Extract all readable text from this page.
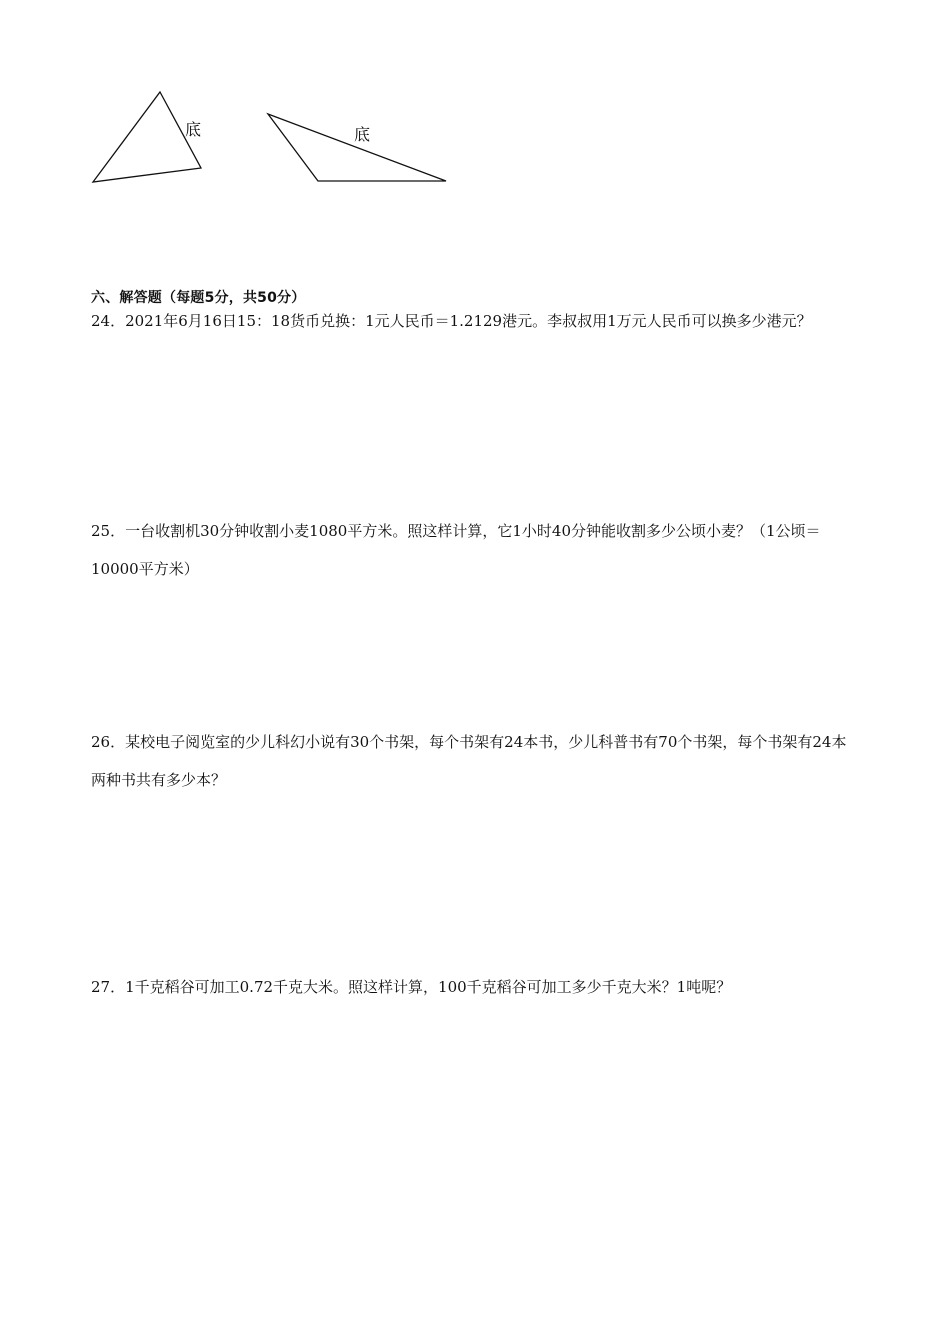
底	底
六、解答题（每题5分，共50分）

24．2021年6月16日15：18货币兑换：1元人民币＝1.2129港元。李叔叔用1万元人民币可以换多少港元？

25．一台收割机30分钟收割小麦1080平方米。照这样计算，它1小时40分钟能收割多少公顷小麦？（1公顷＝10000平方米）

26．某校电子阅览室的少儿科幻小说有30个书架，每个书架有24本书，少儿科普书有70个书架，每个书架有24本两种书共有多少本？

27．1千克稻谷可加工0.72千克大米。照这样计算，100千克稻谷可加工多少千克大米？1吨呢？
